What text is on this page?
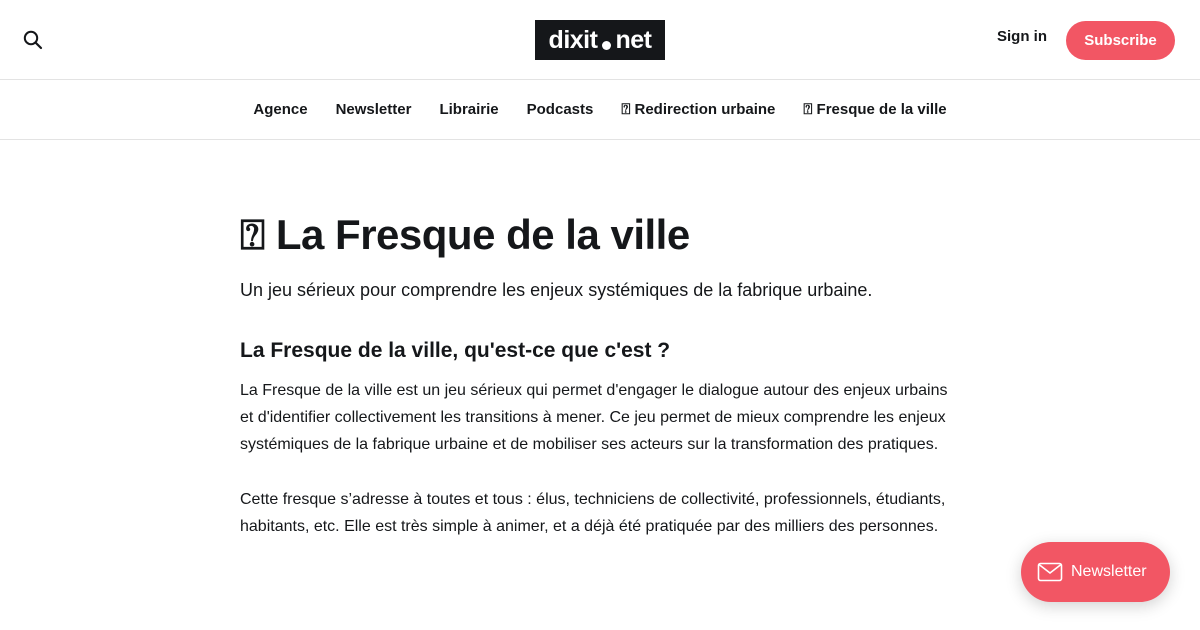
dixit net	Sign in	Subscribe
Agence Newsletter Librairie Podcasts ⍰ Redirection urbaine ⍰ Fresque de la ville
⍰ La Fresque de la ville

Un jeu sérieux pour comprendre les enjeux systémiques de la fabrique urbaine.

La Fresque de la ville, qu'est-ce que c'est ?

La Fresque de la ville est un jeu sérieux qui permet d'engager le dialogue autour des enjeux urbains et d'identifier collectivement les transitions à mener. Ce jeu permet de mieux comprendre les enjeux systémiques de la fabrique urbaine et de mobiliser ses acteurs sur la transformation des pratiques.

Cette fresque s’adresse à toutes et tous : élus, techniciens de collectivité, professionnels, étudiants, habitants, etc. Elle est très simple à animer, et a déjà été pratiquée par des milliers des personnes.

Newsletter
